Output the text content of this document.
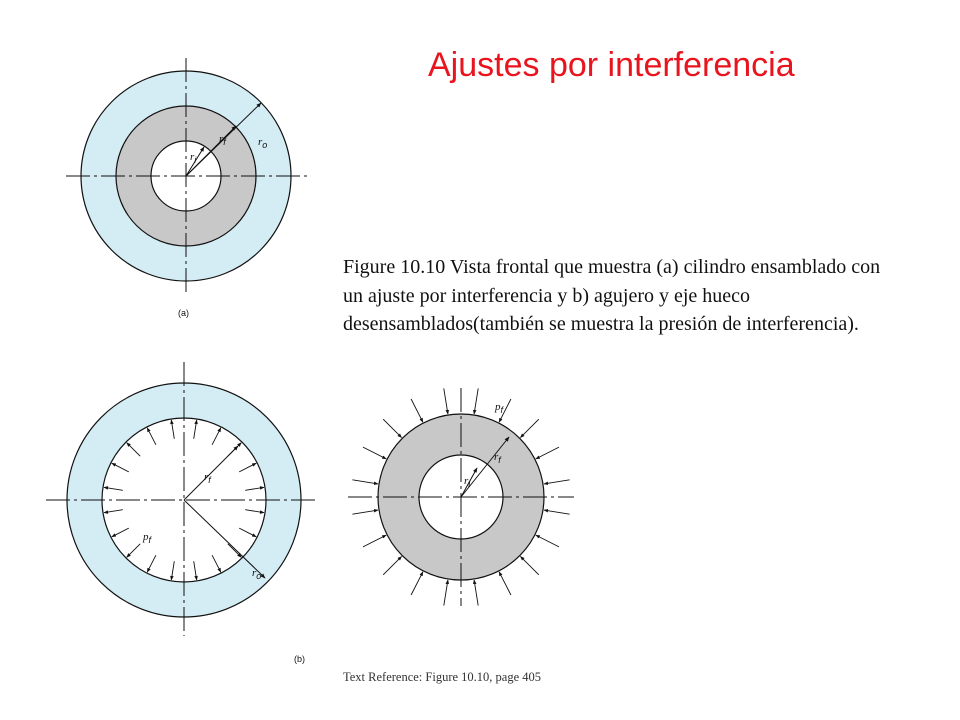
Ajustes por interferencia
Figure 10.10 Vista frontal que muestra (a) cilindro ensamblado con un ajuste por interferencia y b) agujero y eje hueco desensamblados(también se muestra la presión de interferencia).
Text Reference: Figure 10.10, page 405
$r_i$
$r_f$	$r_o$
(a)
$r_f$
$r_o$
$p_f$
(b)
$r_i$
$r_f$
$p_f$
